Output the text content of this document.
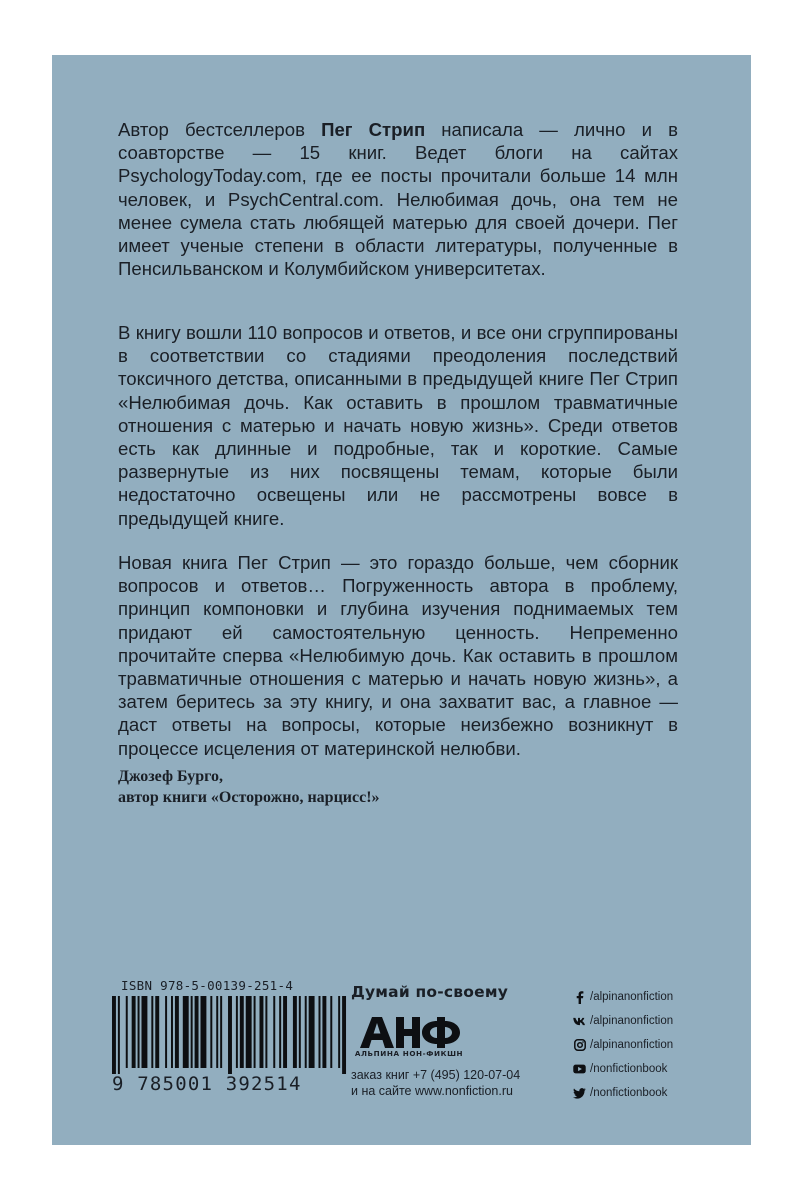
Автор бестселлеров Пег Стрип написала — лично и в соавторстве — 15 книг. Ведет блоги на сайтах PsychologyToday.com, где ее посты прочитали больше 14 млн человек, и PsychCentral.com. Нелюбимая дочь, она тем не менее сумела стать любящей матерью для своей дочери. Пег имеет ученые степени в области литературы, полученные в Пенсильванском и Колумбийском университетах.

В книгу вошли 110 вопросов и ответов, и все они сгруппированы в соответствии со стадиями преодоления последствий токсичного детства, описанными в предыдущей книге Пег Стрип «Нелюбимая дочь. Как оставить в прошлом травматичные отношения с матерью и начать новую жизнь». Среди ответов есть как длинные и подробные, так и короткие. Самые развернутые из них посвящены темам, которые были недостаточно освещены или не рассмотрены вовсе в предыдущей книге.

Новая книга Пег Стрип — это гораздо больше, чем сборник вопросов и ответов… Погруженность автора в проблему, принцип компоновки и глубина изучения поднимаемых тем придают ей самостоятельную ценность. Непременно прочитайте сперва «Нелюбимую дочь. Как оставить в прошлом травматичные отношения с матерью и начать новую жизнь», а затем беритесь за эту книгу, и она захватит вас, а главное — даст ответы на вопросы, которые неизбежно возникнут в процессе исцеления от материнской нелюбви.

Джозеф Бурго,
автор книги «Осторожно, нарцисс!»
ISBN 978-5-00139-251-4
9 785001 392514
Думай по-своему
АЛЬПИНА НОН-ФИКШН
заказ книг +7 (495) 120-07-04
и на сайте www.nonfiction.ru
/alpinanonfiction
/alpinanonfiction
/alpinanonfiction
/nonfictionbook
/nonfictionbook
